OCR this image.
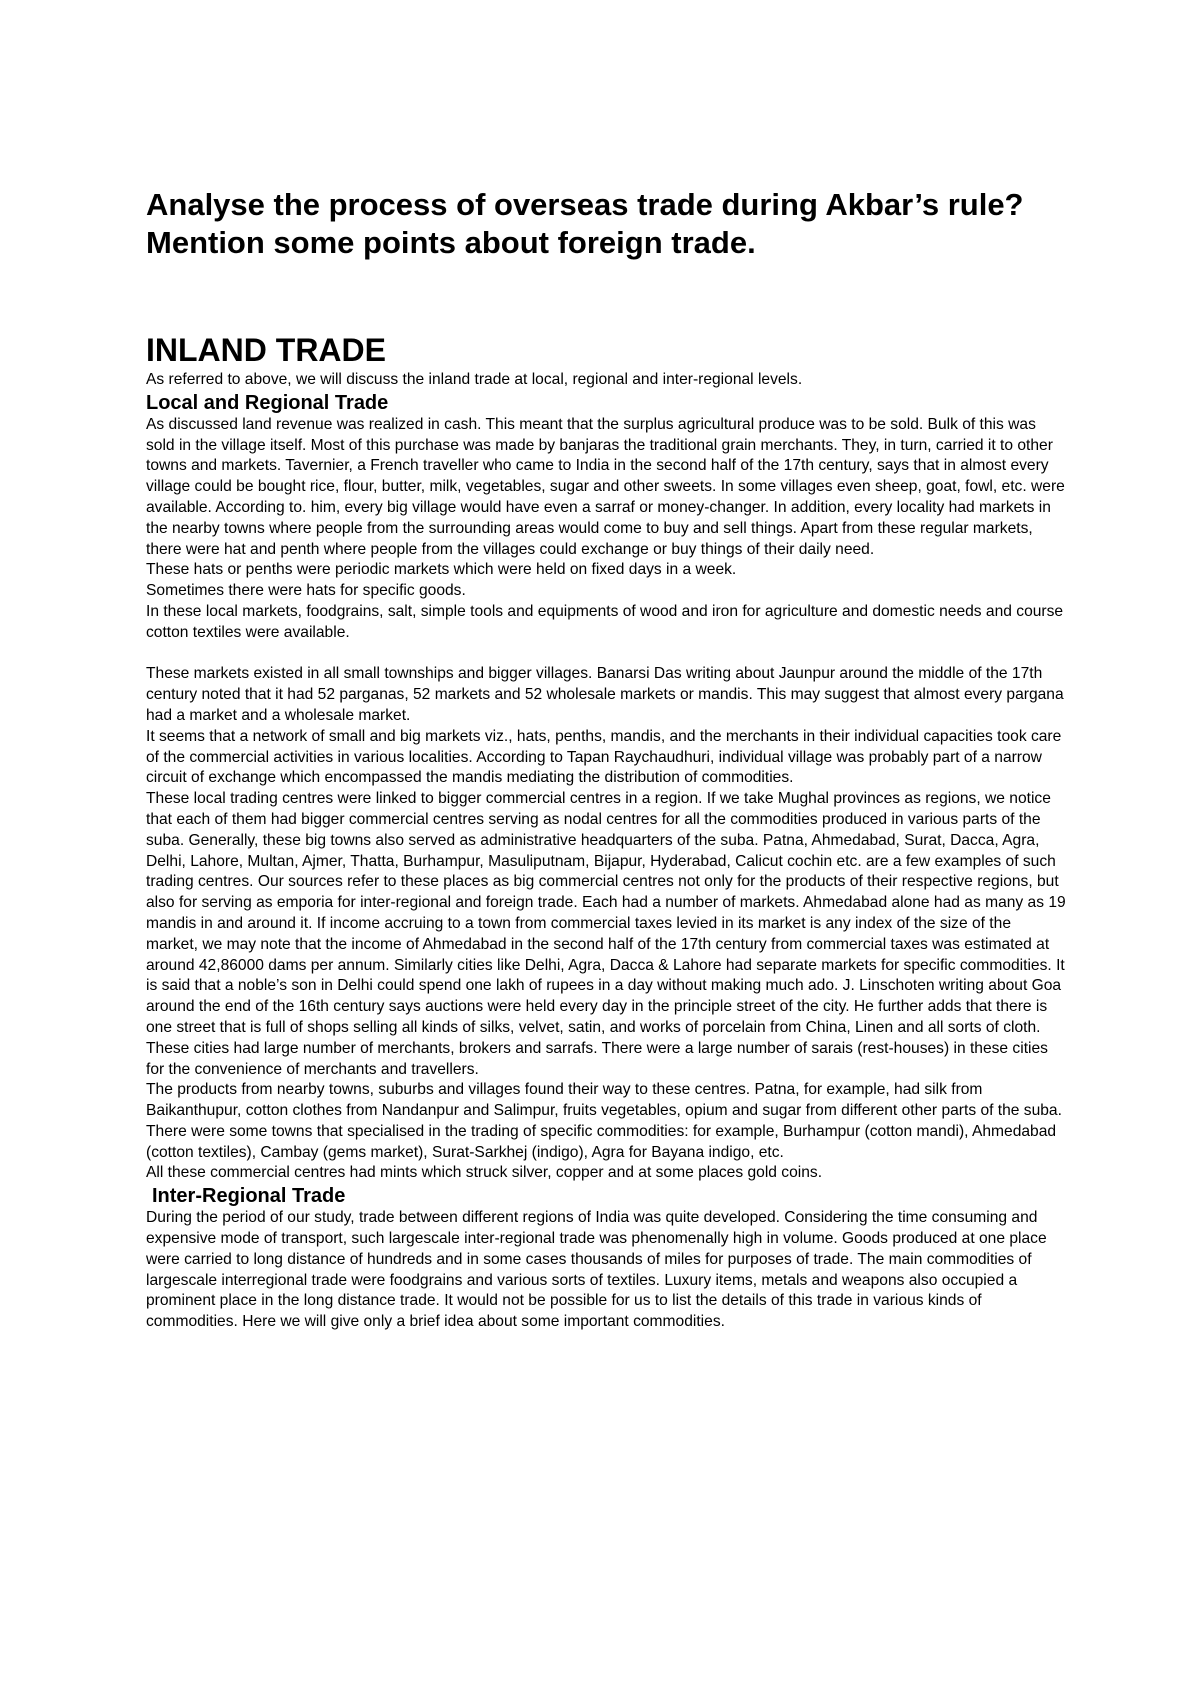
Analyse the process of overseas trade during Akbar’s rule?
Mention some points about foreign trade.
INLAND TRADE

As referred to above, we will discuss the inland trade at local, regional and inter-regional levels.

Local and Regional Trade

As discussed land revenue was realized in cash. This meant that the surplus agricultural produce was to be sold. Bulk of this was sold in the village itself. Most of this purchase was made by banjaras the traditional grain merchants. They, in turn, carried it to other towns and markets. Tavernier, a French traveller who came to India in the second half of the 17th century, says that in almost every village could be bought rice, flour, butter, milk, vegetables, sugar and other sweets. In some villages even sheep, goat, fowl, etc. were available. According to. him, every big village would have even a sarraf or money-changer. In addition, every locality had markets in the nearby towns where people from the surrounding areas would come to buy and sell things. Apart from these regular markets, there were hat and penth where people from the villages could exchange or buy things of their daily need.

These hats or penths were periodic markets which were held on fixed days in a week.

Sometimes there were hats for specific goods.

In these local markets, foodgrains, salt, simple tools and equipments of wood and iron for agriculture and domestic needs and course cotton textiles were available.

These markets existed in all small townships and bigger villages. Banarsi Das writing about Jaunpur around the middle of the 17th century noted that it had 52 parganas, 52 markets and 52 wholesale markets or mandis. This may suggest that almost every pargana had a market and a wholesale market.

It seems that a network of small and big markets viz., hats, penths, mandis, and the merchants in their individual capacities took care of the commercial activities in various localities. According to Tapan Raychaudhuri, individual village was probably part of a narrow circuit of exchange which encompassed the mandis mediating the distribution of commodities.

These local trading centres were linked to bigger commercial centres in a region. If we take Mughal provinces as regions, we notice that each of them had bigger commercial centres serving as nodal centres for all the commodities produced in various parts of the suba. Generally, these big towns also served as administrative headquarters of the suba. Patna, Ahmedabad, Surat, Dacca, Agra, Delhi, Lahore, Multan, Ajmer, Thatta, Burhampur, Masuliputnam, Bijapur, Hyderabad, Calicut cochin etc. are a few examples of such trading centres. Our sources refer to these places as big commercial centres not only for the products of their respective regions, but also for serving as emporia for inter-regional and foreign trade. Each had a number of markets. Ahmedabad alone had as many as 19 mandis in and around it. If income accruing to a town from commercial taxes levied in its market is any index of the size of the market, we may note that the income of Ahmedabad in the second half of the 17th century from commercial taxes was estimated at around 42,86000 dams per annum. Similarly cities like Delhi, Agra, Dacca & Lahore had separate markets for specific commodities. It is said that a noble’s son in Delhi could spend one lakh of rupees in a day without making much ado. J. Linschoten writing about Goa around the end of the 16th century says auctions were held every day in the principle street of the city. He further adds that there is one street that is full of shops selling all kinds of silks, velvet, satin, and works of porcelain from China, Linen and all sorts of cloth. These cities had large number of merchants, brokers and sarrafs. There were a large number of sarais (rest-houses) in these cities for the convenience of merchants and travellers.

The products from nearby towns, suburbs and villages found their way to these centres. Patna, for example, had silk from Baikanthupur, cotton clothes from Nandanpur and Salimpur, fruits vegetables, opium and sugar from different other parts of the suba.

There were some towns that specialised in the trading of specific commodities: for example, Burhampur (cotton mandi), Ahmedabad (cotton textiles), Cambay (gems market), Surat-Sarkhej (indigo), Agra for Bayana indigo, etc.

All these commercial centres had mints which struck silver, copper and at some places gold coins.

Inter-Regional Trade

During the period of our study, trade between different regions of India was quite developed. Considering the time consuming and expensive mode of transport, such largescale inter-regional trade was phenomenally high in volume. Goods produced at one place were carried to long distance of hundreds and in some cases thousands of miles for purposes of trade. The main commodities of largescale interregional trade were foodgrains and various sorts of textiles. Luxury items, metals and weapons also occupied a prominent place in the long distance trade. It would not be possible for us to list the details of this trade in various kinds of commodities. Here we will give only a brief idea about some important commodities.
